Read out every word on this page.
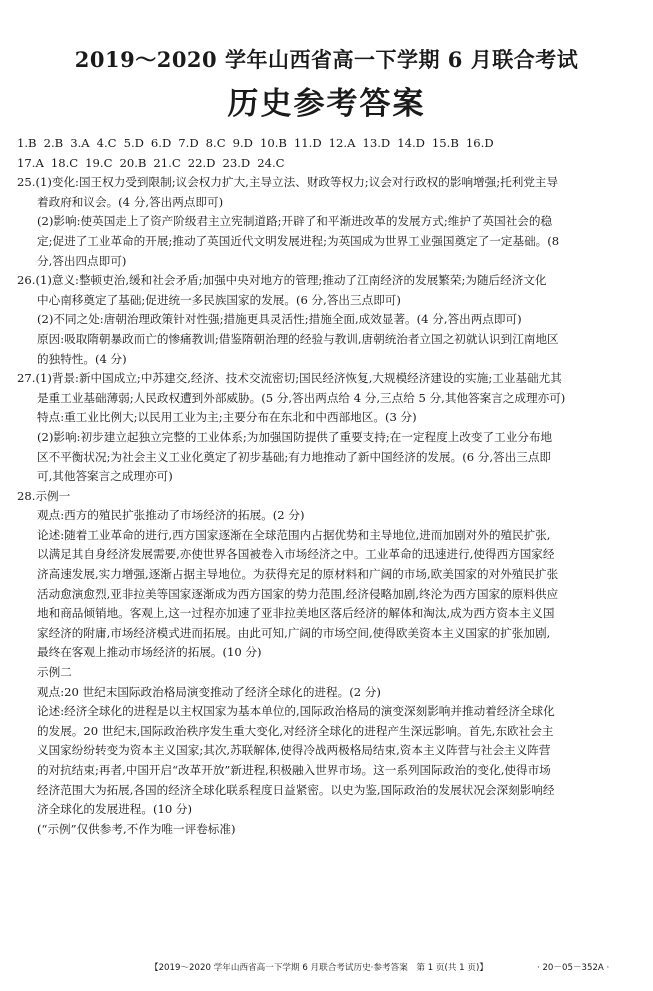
2019～2020 学年山西省高一下学期 6 月联合考试
历史参考答案
1.B 2.B 3.A 4.C 5.D 6.D 7.D 8.C 9.D 10.B 11.D 12.A 13.D 14.D 15.B 16.D
17.A 18.C 19.C 20.B 21.C 22.D 23.D 24.C
25.(1)变化:国王权力受到限制;议会权力扩大,主导立法、财政等权力;议会对行政权的影响增强;托利党主导
着政府和议会。(4 分,答出两点即可)
(2)影响:使英国走上了资产阶级君主立宪制道路;开辟了和平渐进改革的发展方式;维护了英国社会的稳
定;促进了工业革命的开展;推动了英国近代文明发展进程;为英国成为世界工业强国奠定了一定基础。(8
分,答出四点即可)
26.(1)意义:整顿吏治,缓和社会矛盾;加强中央对地方的管理;推动了江南经济的发展繁荣;为随后经济文化
中心南移奠定了基础;促进统一多民族国家的发展。(6 分,答出三点即可)
(2)不同之处:唐朝治理政策针对性强;措施更具灵活性;措施全面,成效显著。(4 分,答出两点即可)
原因:吸取隋朝暴政而亡的惨痛教训;借鉴隋朝治理的经验与教训,唐朝统治者立国之初就认识到江南地区
的独特性。(4 分)
27.(1)背景:新中国成立;中苏建交,经济、技术交流密切;国民经济恢复,大规模经济建设的实施;工业基础尤其
是重工业基础薄弱;人民政权遭到外部威胁。(5 分,答出两点给 4 分,三点给 5 分,其他答案言之成理亦可)
特点:重工业比例大;以民用工业为主;主要分布在东北和中西部地区。(3 分)
(2)影响:初步建立起独立完整的工业体系;为加强国防提供了重要支持;在一定程度上改变了工业分布地
区不平衡状况;为社会主义工业化奠定了初步基础;有力地推动了新中国经济的发展。(6 分,答出三点即
可,其他答案言之成理亦可)
28.示例一
观点:西方的殖民扩张推动了市场经济的拓展。(2 分)
论述:随着工业革命的进行,西方国家逐渐在全球范围内占据优势和主导地位,进而加剧对外的殖民扩张,
以满足其自身经济发展需要,亦使世界各国被卷入市场经济之中。工业革命的迅速进行,使得西方国家经
济高速发展,实力增强,逐渐占据主导地位。为获得充足的原材料和广阔的市场,欧美国家的对外殖民扩张
活动愈演愈烈,亚非拉美等国家逐渐成为西方国家的势力范围,经济侵略加剧,终沦为西方国家的原料供应
地和商品倾销地。客观上,这一过程亦加速了亚非拉美地区落后经济的解体和淘汰,成为西方资本主义国
家经济的附庸,市场经济模式进而拓展。由此可知,广阔的市场空间,使得欧美资本主义国家的扩张加剧,
最终在客观上推动市场经济的拓展。(10 分)
示例二
观点:20 世纪末国际政治格局演变推动了经济全球化的进程。(2 分)
论述:经济全球化的进程是以主权国家为基本单位的,国际政治格局的演变深刻影响并推动着经济全球化
的发展。20 世纪末,国际政治秩序发生重大变化,对经济全球化的进程产生深远影响。首先,东欧社会主
义国家纷纷转变为资本主义国家;其次,苏联解体,使得冷战两极格局结束,资本主义阵营与社会主义阵营
的对抗结束;再者,中国开启“改革开放”新进程,积极融入世界市场。这一系列国际政治的变化,使得市场
经济范围大为拓展,各国的经济全球化联系程度日益紧密。以史为鉴,国际政治的发展状况会深刻影响经
济全球化的发展进程。(10 分)
(“示例”仅供参考,不作为唯一评卷标准)
【2019～2020 学年山西省高一下学期 6 月联合考试历史·参考答案　第 1 页(共 1 页)】	· 20－05－352A ·
